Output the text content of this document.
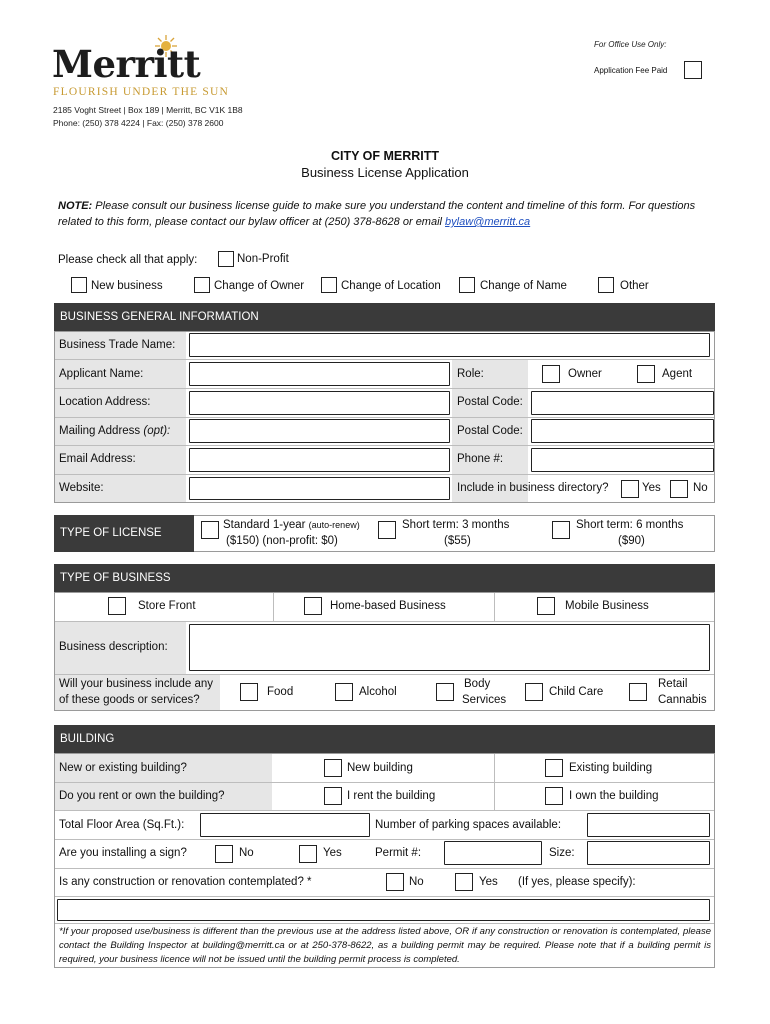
Merritt
FLOURISH UNDER THE SUN
2185 Voght Street | Box 189 | Merritt, BC V1K 1B8
Phone: (250) 378 4224 | Fax: (250) 378 2600
For Office Use Only:
Application Fee Paid
CITY OF MERRITT
Business License Application
NOTE: Please consult our business license guide to make sure you understand the content and timeline of this form. For questions related to this form, please contact our bylaw officer at (250) 378-8628 or email bylaw@merritt.ca
Please check all that apply:	Non-Profit
New business	Change of Owner	Change of Location	Change of Name	Other
BUSINESS GENERAL INFORMATION
Business Trade Name:
Applicant Name:	Role:	Owner	Agent
Location Address:	Postal Code:
Mailing Address (opt):	Postal Code:
Email Address:	Phone #:
Website:	Include in business directory?	Yes	No
TYPE OF LICENSE
Standard 1-year (auto-renew)
($150) (non-profit: $0)
Short term: 3 months
($55)
Short term: 6 months
($90)
TYPE OF BUSINESS
Store Front	Home-based Business	Mobile Business
Business description:
Will your business include any
of these goods or services?
Food	Alcohol
Body
Services
Child Care
Retail
Cannabis
BUILDING
New or existing building?	New building	Existing building
Do you rent or own the building?	I rent the building	I own the building
Total Floor Area (Sq.Ft.):	Number of parking spaces available:
Are you installing a sign?	No	Yes	Permit #:	Size:
Is any construction or renovation contemplated? *	No	Yes (If yes, please specify):
*If your proposed use/business is different than the previous use at the address listed above, OR if any construction or renovation is contemplated, please contact the Building Inspector at building@merritt.ca or at 250-378-8622, as a building permit may be required. Please note that if a building permit is required, your business licence will not be issued until the building permit process is completed.
